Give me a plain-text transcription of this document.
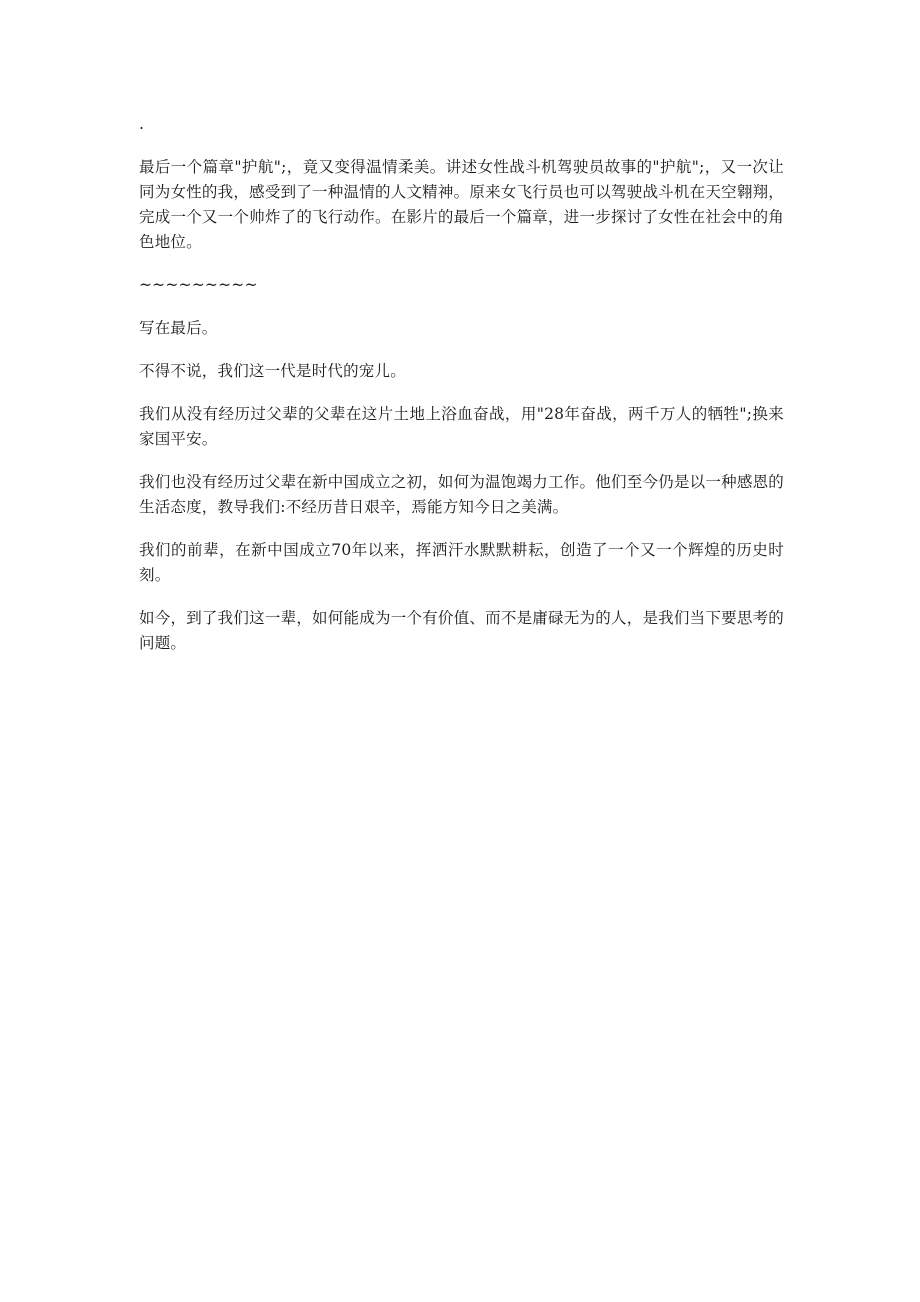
.

最后一个篇章"护航";，竟又变得温情柔美。讲述女性战斗机驾驶员故事的"护航";，又一次让同为女性的我，感受到了一种温情的人文精神。原来女飞行员也可以驾驶战斗机在天空翱翔，完成一个又一个帅炸了的飞行动作。在影片的最后一个篇章，进一步探讨了女性在社会中的角色地位。

~~~~~~~~~

写在最后。

不得不说，我们这一代是时代的宠儿。

我们从没有经历过父辈的父辈在这片土地上浴血奋战，用"28年奋战，两千万人的牺牲";换来家国平安。

我们也没有经历过父辈在新中国成立之初，如何为温饱竭力工作。他们至今仍是以一种感恩的生活态度，教导我们:不经历昔日艰辛，焉能方知今日之美满。

我们的前辈，在新中国成立70年以来，挥洒汗水默默耕耘，创造了一个又一个辉煌的历史时刻。

如今，到了我们这一辈，如何能成为一个有价值、而不是庸碌无为的人，是我们当下要思考的问题。
